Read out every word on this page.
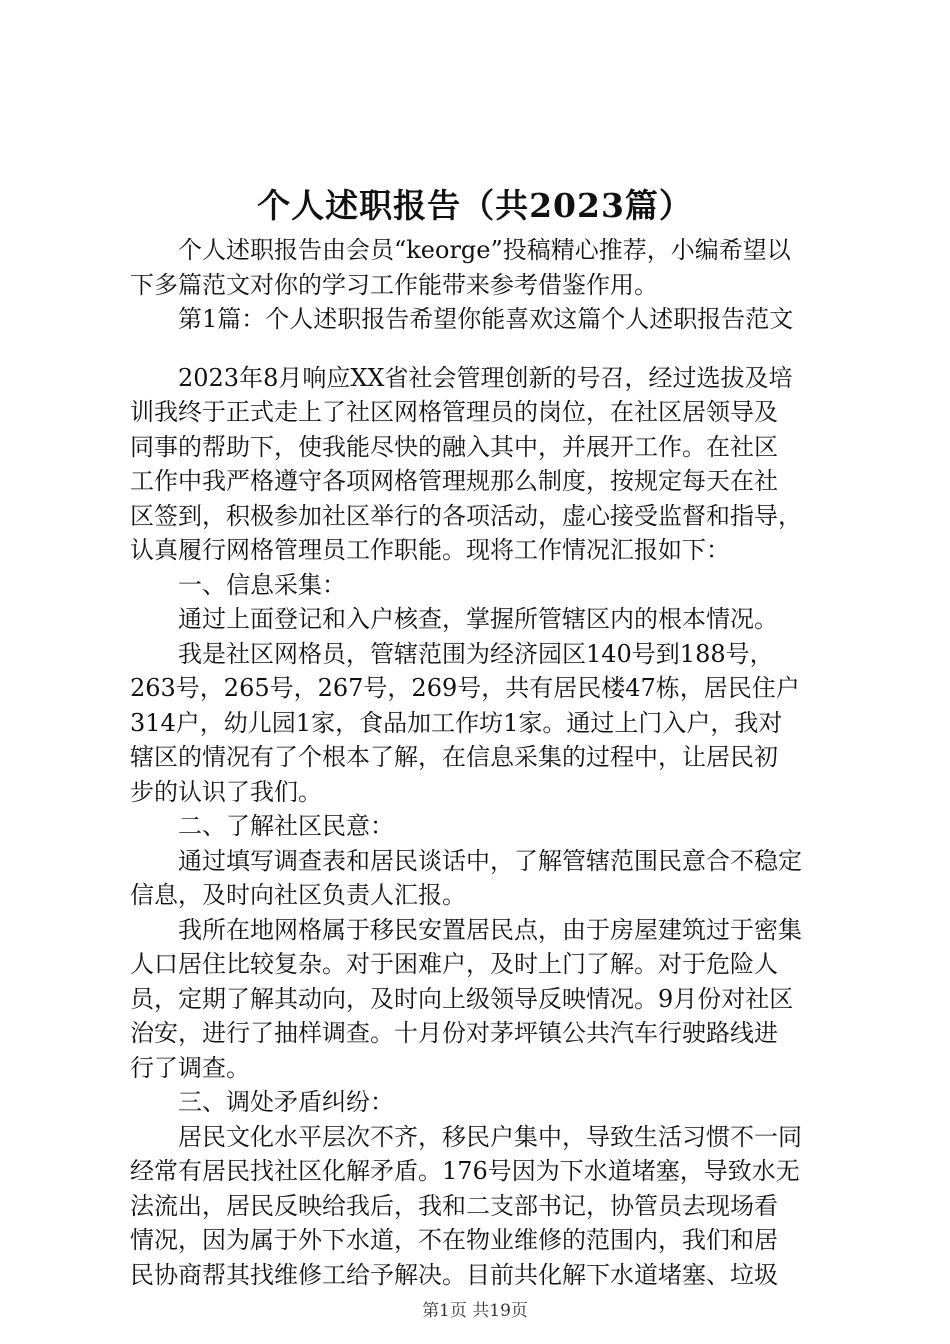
个人述职报告（共2023篇）
个人述职报告由会员“keorge”投稿精心推荐，小编希望以
下多篇范文对你的学习工作能带来参考借鉴作用。
第1篇：个人述职报告希望你能喜欢这篇个人述职报告范文
2023年8月响应XX省社会管理创新的号召，经过选拔及培
训我终于正式走上了社区网格管理员的岗位，在社区居领导及
同事的帮助下，使我能尽快的融入其中，并展开工作。在社区
工作中我严格遵守各项网格管理规那么制度，按规定每天在社
区签到，积极参加社区举行的各项活动，虚心接受监督和指导，
认真履行网格管理员工作职能。现将工作情况汇报如下：
一、信息采集：
通过上面登记和入户核查，掌握所管辖区内的根本情况。
我是社区网格员，管辖范围为经济园区140号到188号，
263号，265号，267号，269号，共有居民楼47栋，居民住户
314户，幼儿园1家，食品加工作坊1家。通过上门入户，我对
辖区的情况有了个根本了解，在信息采集的过程中，让居民初
步的认识了我们。
二、了解社区民意：
通过填写调查表和居民谈话中，了解管辖范围民意合不稳定
信息，及时向社区负责人汇报。
我所在地网格属于移民安置居民点，由于房屋建筑过于密集
人口居住比较复杂。对于困难户，及时上门了解。对于危险人
员，定期了解其动向，及时向上级领导反映情况。9月份对社区
治安，进行了抽样调查。十月份对茅坪镇公共汽车行驶路线进
行了调查。
三、调处矛盾纠纷：
居民文化水平层次不齐，移民户集中，导致生活习惯不一同
经常有居民找社区化解矛盾。176号因为下水道堵塞，导致水无
法流出，居民反映给我后，我和二支部书记，协管员去现场看
情况，因为属于外下水道，不在物业维修的范围内，我们和居
民协商帮其找维修工给予解决。目前共化解下水道堵塞、垃圾
第1页 共19页
